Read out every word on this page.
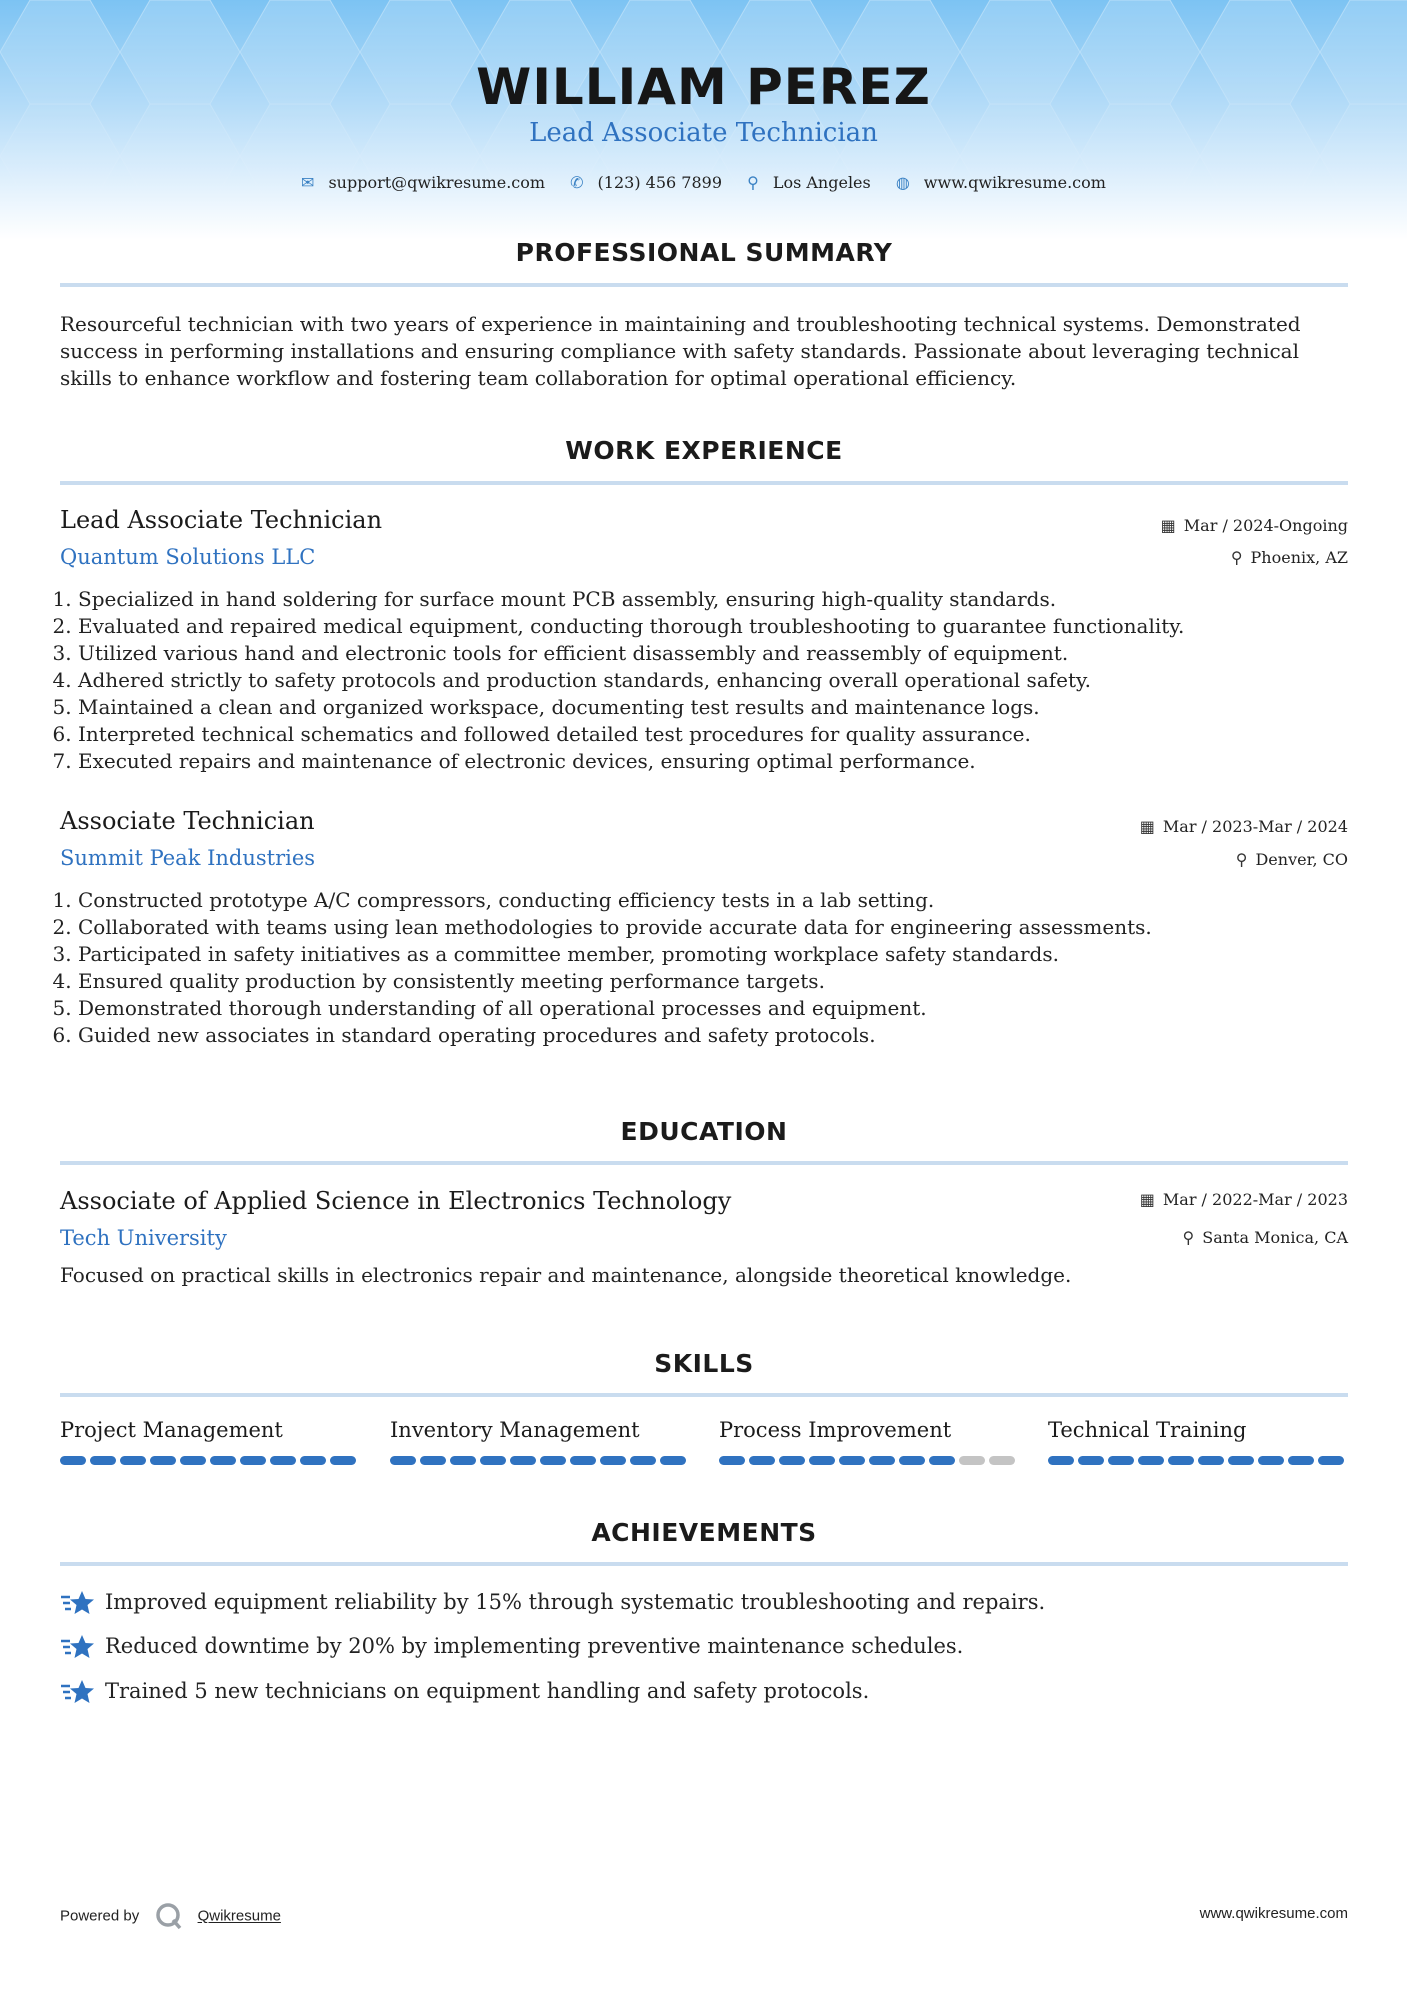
WILLIAM PEREZ
Lead Associate Technician
✉ support@qwikresume.com ✆ (123) 456 7899 ⚲ Los Angeles ◍ www.qwikresume.com
PROFESSIONAL SUMMARY
Resourceful technician with two years of experience in maintaining and troubleshooting technical systems. Demonstrated success in performing installations and ensuring compliance with safety standards. Passionate about leveraging technical skills to enhance workflow and fostering team collaboration for optimal operational efficiency.
WORK EXPERIENCE
Lead Associate Technician
Quantum Solutions LLC
▦ Mar / 2024-Ongoing
⚲ Phoenix, AZ
1. Specialized in hand soldering for surface mount PCB assembly, ensuring high-quality standards.
2. Evaluated and repaired medical equipment, conducting thorough troubleshooting to guarantee functionality.
3. Utilized various hand and electronic tools for efficient disassembly and reassembly of equipment.
4. Adhered strictly to safety protocols and production standards, enhancing overall operational safety.
5. Maintained a clean and organized workspace, documenting test results and maintenance logs.
6. Interpreted technical schematics and followed detailed test procedures for quality assurance.
7. Executed repairs and maintenance of electronic devices, ensuring optimal performance.
Associate Technician
Summit Peak Industries
▦ Mar / 2023-Mar / 2024
⚲ Denver, CO
1. Constructed prototype A/C compressors, conducting efficiency tests in a lab setting.
2. Collaborated with teams using lean methodologies to provide accurate data for engineering assessments.
3. Participated in safety initiatives as a committee member, promoting workplace safety standards.
4. Ensured quality production by consistently meeting performance targets.
5. Demonstrated thorough understanding of all operational processes and equipment.
6. Guided new associates in standard operating procedures and safety protocols.
EDUCATION
Associate of Applied Science in Electronics Technology
Tech University
▦ Mar / 2022-Mar / 2023
⚲ Santa Monica, CA
Focused on practical skills in electronics repair and maintenance, alongside theoretical knowledge.
SKILLS
Project Management	Inventory Management	Process Improvement	Technical Training
ACHIEVEMENTS
Improved equipment reliability by 15% through systematic troubleshooting and repairs.
Reduced downtime by 20% by implementing preventive maintenance schedules.
Trained 5 new technicians on equipment handling and safety protocols.
Powered by	Qwikresume	www.qwikresume.com
